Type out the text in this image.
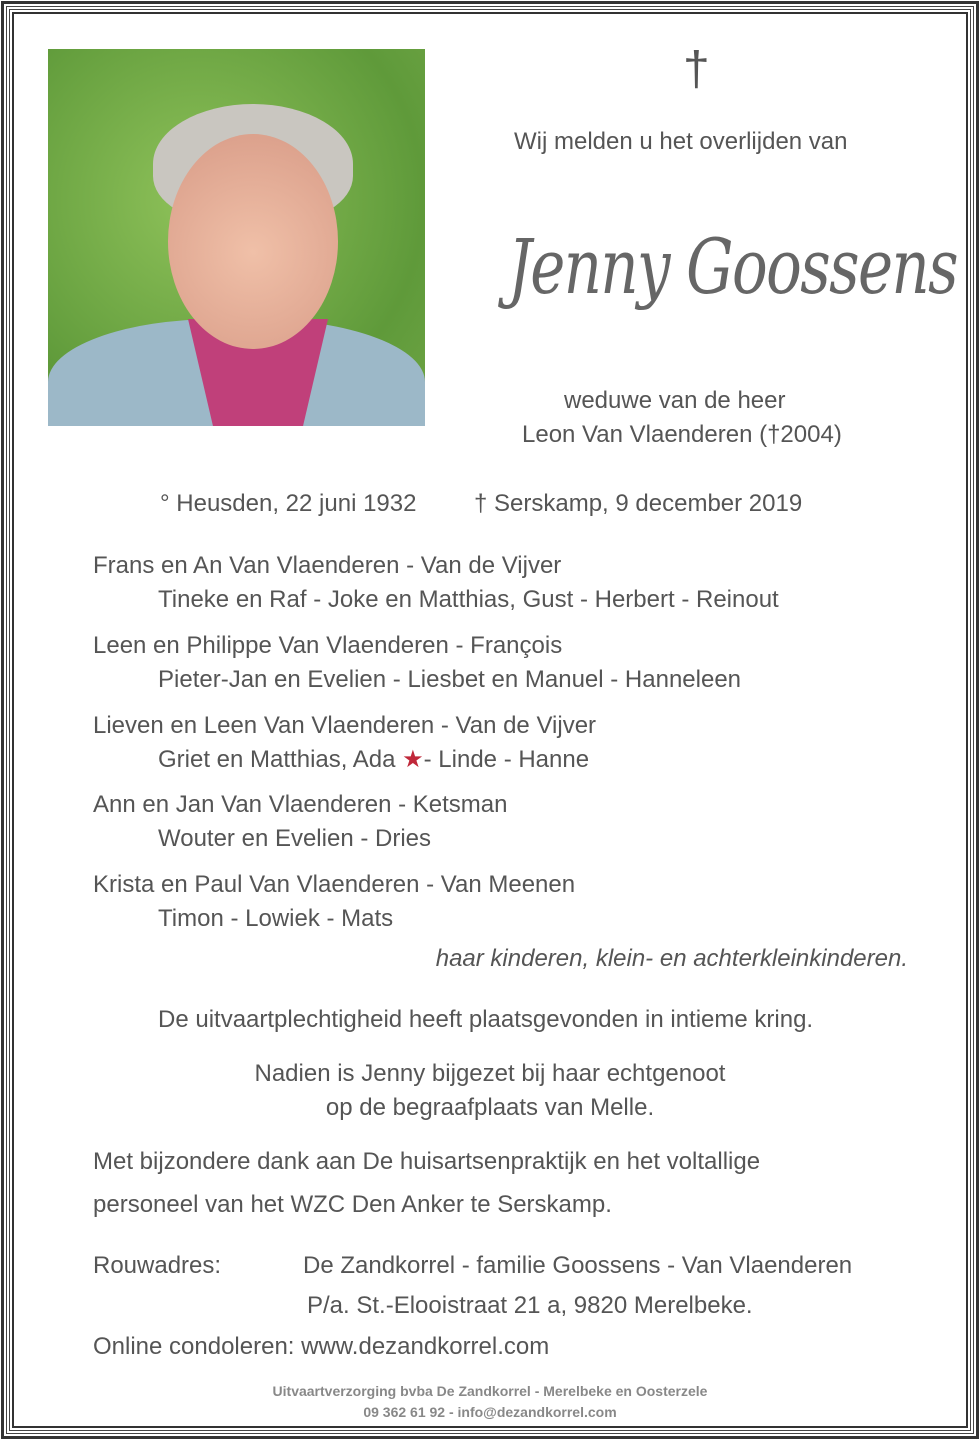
†
Wij melden u het overlijden van
Jenny Goossens
weduwe van de heer
Leon Van Vlaenderen (†2004)
° Heusden, 22 juni 1932 † Serskamp, 9 december 2019
Frans en An Van Vlaenderen - Van de Vijver
Tineke en Raf - Joke en Matthias, Gust - Herbert - Reinout
Leen en Philippe Van Vlaenderen - François
Pieter-Jan en Evelien - Liesbet en Manuel - Hanneleen
Lieven en Leen Van Vlaenderen - Van de Vijver
Griet en Matthias, Ada ★- Linde - Hanne
Ann en Jan Van Vlaenderen - Ketsman
Wouter en Evelien - Dries
Krista en Paul Van Vlaenderen - Van Meenen
Timon - Lowiek - Mats
haar kinderen, klein- en achterkleinkinderen.
De uitvaartplechtigheid heeft plaatsgevonden in intieme kring.
Nadien is Jenny bijgezet bij haar echtgenoot
op de begraafplaats van Melle.
Met bijzondere dank aan De huisartsenpraktijk en het voltallige
personeel van het WZC Den Anker te Serskamp.
Rouwadres:	De Zandkorrel - familie Goossens - Van Vlaenderen
P/a. St.-Elooistraat 21 a, 9820 Merelbeke.
Online condoleren: www.dezandkorrel.com
Uitvaartverzorging bvba De Zandkorrel - Merelbeke en Oosterzele
09 362 61 92 - info@dezandkorrel.com
